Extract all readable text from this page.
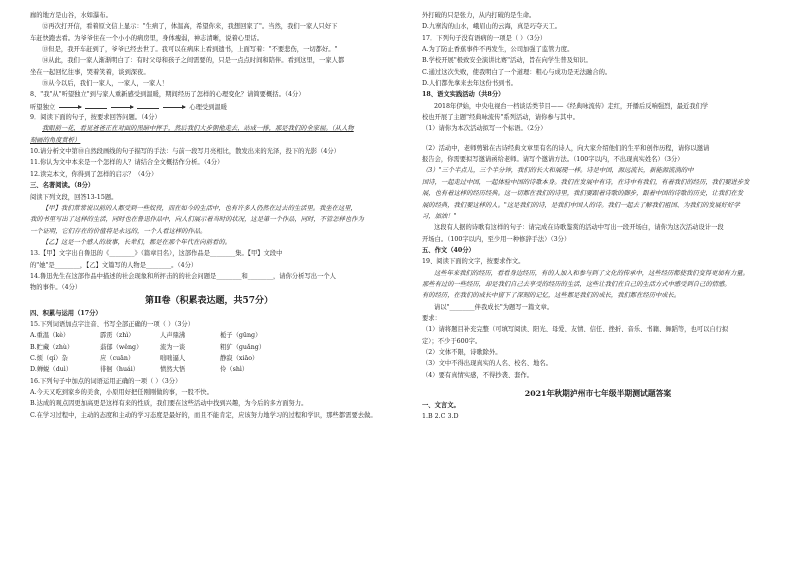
廊的地方是山谷，水如瀑布。
⑫再次打开信，看着原文信上显示："生病了，体温高，希望你来，我想回家了"。当然，我们一家人只好下
车赶快跑去看。为爷爷住在一个小小的病房里，身体瘦弱，神志清晰，说着心里话。
⑬但是，我开车赶到了，爷爷已经去世了。我可以在病床上看到遗书，上面写着："不要悲伤，一切都好。"
⑭从此，我们一家人渐渐明白了：有时父母和孩子之间需要的，只是一点点时间和陪伴。看到这里，一家人都
坐在一起回忆往事，哭着笑着，谈到深夜。
⑮从今以后，我们一家人，一家人，一家人！
8、"我"从"听望独立"到与家人重新感受到温暖，期间经历了怎样的心理变化？请简要概括。（4分）
听望独立	心理受到温暖
9．阅读下面的句子，按要求回答问题。（4分）
我眼前一花，看见爸爸正在对面的黑暗中挥手，然后我们大步朝他走去，站成一排，那是我们的全家福。（从人物
刻画的角度赏析）
10.请分析文中第⑩自然段画线的句子描写的手法：与前一段写月亮相比，散发出来的光泽，投下的光影（4分）
11.你认为文中本来是一个怎样的人？请结合全文概括作分析。（4分）
12.读完本文，你得到了怎样的启示？（4分）
三、名著阅读。（8分）
阅读下列文段，回答13-15题。
【甲】我们常常说以前的人都受到一些奴役，而在如今的生活中，也有许多人仍然在过去的生活里。我坐在这里，
我的书里写出了这样的生活，同时也在鲁迅作品中，向人们展示着当时的状况，这是第一个作品，同时，不管怎样也作为
一个证明，它们存在的价值将是永远的，一个人看这样的作品。
【乙】这是一个感人的故事，长辈们，都是在那个年代在向前看的。
13.【甲】文字出自鲁迅的《________》（篇章目名），这部作品是________集。【甲】文段中
的"她"是________，【乙】文篇写的人物是________。（4分）
14.鲁迅先生在这部作品中描述的社会现象和所抨击的的社会问题是________和________，请你分析写出一个人
物的事件。（4分）
第Ⅱ卷（积累表达题，共57分）
四、积累与运用（17分）
15.下列词语加点字注音、书写全部正确的一项（ ）（3分）
A.重温（kè）	霹雳（zhì）	人声鼎沸	栀子（gūnɡ）
B.贮藏（zhù）	蓊郁（wěng）	流为一谈	粗犷（ɡuǎng）
C.烦（qí）杂	应（cuān）	咄咄逼人	静寂（xiāo）
D.蝉蜕（duì）	徘徊（huái）	愤然大悟	伶（shì）
16.下列句子中加点的词语运用正确的一项（ ）（3分）
A.今天又吃到家乡的美食，小原用好把任刚刚做的事，一股不快。
B.达成的观点因更加高更是这样有来的性质，我们要在这些活动中找到兴趣，为今后的多方面努力。
C.在学习过程中，主动的态度和主动的学习态度是最好的，而且不能肯定，应该努力地学习的过程和学识，那些都需要去做。
外打破的只是张力，从内打破的是生命。
D.九寨沟的山水，峨眉山的云海，真是巧夺天工。
17．下列句子没有语病的一项是（ ）（3分）
A.为了防止香蕉事件不再发生，公司加强了监管力度。
B.学校开展"极致安全演讲比赛"活动，旨在向学生普及知识。
C.通过这次失败，使我明白了一个道理：粗心与成功是无法融合的。
D.人们都先拿来去年这份书到书。
18、语文实践活动（共8分）
2018年伊始，中央电视台一档谈话类节目——《经典咏流传》走红，开播后反响强烈，最近我们学
校也开展了主题"经典咏流传"系列活动，请你参与其中。
（1）请你为本次活动拟写一个标语。（2分）
（2）活动中，老师剪辑在古诗经典文章里有名的诗人，向大家介绍他们的生平和创作历程，请你以邀请
报告会，你需要拟写邀请函给老师。请写个邀请方法。（100字以内，不出现真实姓名）（3分）
（3）"三个半点儿，三个半分钟，我们的长大和展现一样。诗是中国，源远流长，新能源流淌的中
国诗，一起走过中国，一起体验中国的诗歌本身。我们在发展中有诗，在诗中有我们，有着我们的经历，我们要进步发
展，也有着这样的经历经典。这一切都在我们的诗里，我们要跟着诗歌的脚步，跟着中国的诗歌的历史，让我们在发
展的经典，我们要这样的人。"这是我们的诗，是我们中国人的诗。我们一起去了解我们祖国、为我们的发展好好学
习，加油！"
这段有人据的诗歌有这样的句子：请完成在诗歌鉴赏的活动中写出一段开场白，请你为这次活动设计一段
开场白。（100字以内，至少用一种修辞手法）（3分）
五、作文（40分）
19、阅读下面的文字，按要求作文。
这些年来我们的经历，看看身边经历，有的人加入和参与到了文化的传承中，这些经历都使我们变得更加有力量。
那些有过的一些经历，却是我们自己去享受的经历的生活，这些让我们在自己的生活方式中感受到自己的情感。
有的经历，在我们的成长中留下了深刻的记忆，这些都是我们的成长，我们都在经历中成长。
请以"________伴我成长"为题写一篇文章。
要求：
（1）请将题目补充完整（可填写阅读、阳光、母爱、友情、信任、挫折、音乐、书籍、舞蹈等，也可以自行拟
定）；不少于600字。
（2）文体不限，诗歌除外。
（3）文中不得出现真实的人名、校名、地名。
（4）要有真情实感，不得抄袭、套作。
2021年秋期泸州市七年级半期测试题答案
一、文言文。
1.B 2.C 3.D
